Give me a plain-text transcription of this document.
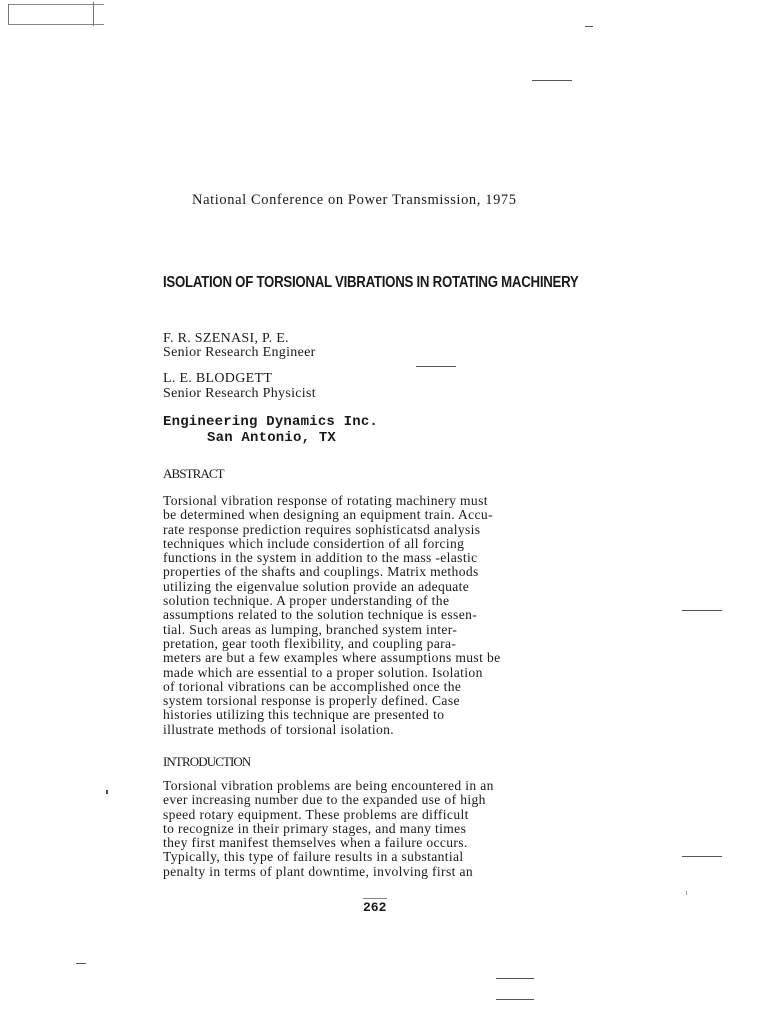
National Conference on Power Transmission, 1975
ISOLATION OF TORSIONAL VIBRATIONS IN ROTATING MACHINERY
F. R. SZENASI, P. E.
Senior Research Engineer
L. E. BLODGETT
Senior Research Physicist
Engineering Dynamics Inc.
San Antonio, TX
ABSTRACT
Torsional vibration response of rotating machinery must
be determined when designing an equipment train. Accu-
rate response prediction requires sophisticatsd analysis
techniques which include considertion of all forcing
functions in the system in addition to the mass -elastic
properties of the shafts and couplings. Matrix methods
utilizing the eigenvalue solution provide an adequate
solution technique. A proper understanding of the
assumptions related to the solution technique is essen-
tial. Such areas as lumping, branched system inter-
pretation, gear tooth flexibility, and coupling para-
meters are but a few examples where assumptions must be
made which are essential to a proper solution. Isolation
of torional vibrations can be accomplished once the
system torsional response is properly defined. Case
histories utilizing this technique are presented to
illustrate methods of torsional isolation.
INTRODUCTION
Torsional vibration problems are being encountered in an
ever increasing number due to the expanded use of high
speed rotary equipment. These problems are difficult
to recognize in their primary stages, and many times
they first manifest themselves when a failure occurs.
Typically, this type of failure results in a substantial
penalty in terms of plant downtime, involving first an
262
